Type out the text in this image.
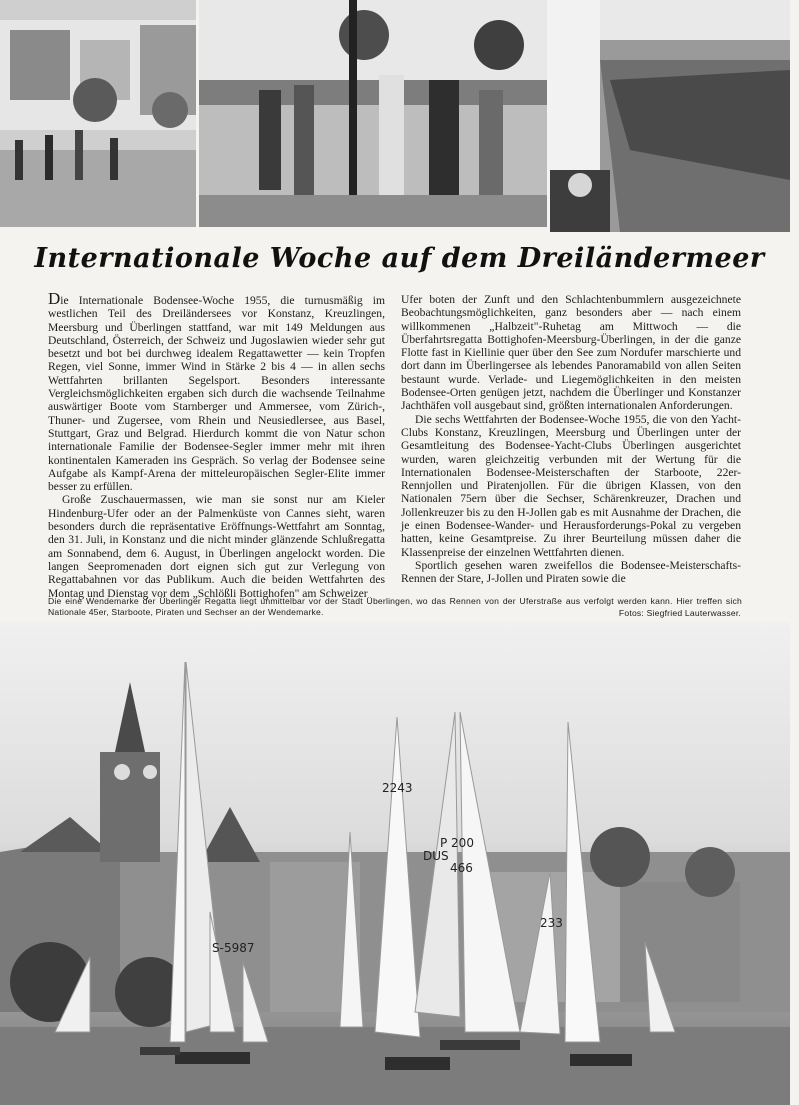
Internationale Woche auf dem Dreiländermeer

Die Internationale Bodensee-Woche 1955, die turnusmäßig im westlichen Teil des Dreiländersees vor Konstanz, Kreuzlingen, Meersburg und Überlingen stattfand, war mit 149 Meldungen aus Deutschland, Österreich, der Schweiz und Jugoslawien wieder sehr gut besetzt und bot bei durchweg idealem Regattawetter — kein Tropfen Regen, viel Sonne, immer Wind in Stärke 2 bis 4 — in allen sechs Wettfahrten brillanten Segelsport. Besonders interessante Vergleichsmöglichkeiten ergaben sich durch die wachsende Teilnahme auswärtiger Boote vom Starnberger und Ammersee, vom Zürich-, Thuner- und Zugersee, vom Rhein und Neusiedlersee, aus Basel, Stuttgart, Graz und Belgrad. Hierdurch kommt die von Natur schon internationale Familie der Bodensee-Segler immer mehr mit ihren kontinentalen Kameraden ins Gespräch. So verlag der Bodensee seine Aufgabe als Kampf-Arena der mitteleuropäischen Segler-Elite immer besser zu erfüllen.

Große Zuschauermassen, wie man sie sonst nur am Kieler Hindenburg-Ufer oder an der Palmenküste von Cannes sieht, waren besonders durch die repräsentative Eröffnungs-Wettfahrt am Sonntag, den 31. Juli, in Konstanz und die nicht minder glänzende Schlußregatta am Sonnabend, dem 6. August, in Überlingen angelockt worden. Die langen Seepromenaden dort eignen sich gut zur Verlegung von Regattabahnen vor das Publikum. Auch die beiden Wettfahrten des Montag und Dienstag vor dem „Schlößli Bottighofen" am Schweizer

Ufer boten der Zunft und den Schlachtenbummlern ausgezeichnete Beobachtungsmöglichkeiten, ganz besonders aber — nach einem willkommenen „Halbzeit"-Ruhetag am Mittwoch — die Überfahrtsregatta Bottighofen-Meersburg-Überlingen, in der die ganze Flotte fast in Kiellinie quer über den See zum Nordufer marschierte und dort dann im Überlingersee als lebendes Panoramabild von allen Seiten bestaunt wurde. Verlade- und Liegemöglichkeiten in den meisten Bodensee-Orten genügen jetzt, nachdem die Überlinger und Konstanzer Jachthäfen voll ausgebaut sind, größten internationalen Anforderungen.

Die sechs Wettfahrten der Bodensee-Woche 1955, die von den Yacht-Clubs Konstanz, Kreuzlingen, Meersburg und Überlingen unter der Gesamtleitung des Bodensee-Yacht-Clubs Überlingen ausgerichtet wurden, waren gleichzeitig verbunden mit der Wertung für die Internationalen Bodensee-Meisterschaften der Starboote, 22er-Rennjollen und Piratenjollen. Für die übrigen Klassen, von den Nationalen 75ern über die Sechser, Schärenkreuzer, Drachen und Jollenkreuzer bis zu den H-Jollen gab es mit Ausnahme der Drachen, die je einen Bodensee-Wander- und Herausforderungs-Pokal zu vergeben hatten, keine Gesamtpreise. Zu ihrer Beurteilung müssen daher die Klassenpreise der einzelnen Wettfahrten dienen.

Sportlich gesehen waren zweifellos die Bodensee-Meisterschafts-Rennen der Stare, J-Jollen und Piraten sowie die

Die eine Wendemarke der Überlinger Regatta liegt unmittelbar vor der Stadt Überlingen, wo das Rennen von der Uferstraße aus verfolgt werden kann. Hier treffen sich Nationale 45er, Starboote, Piraten und Sechser an der Wendemarke.	Fotos: Siegfried Lauterwasser.
2243
P 200
466
233
S-5987
DUS
